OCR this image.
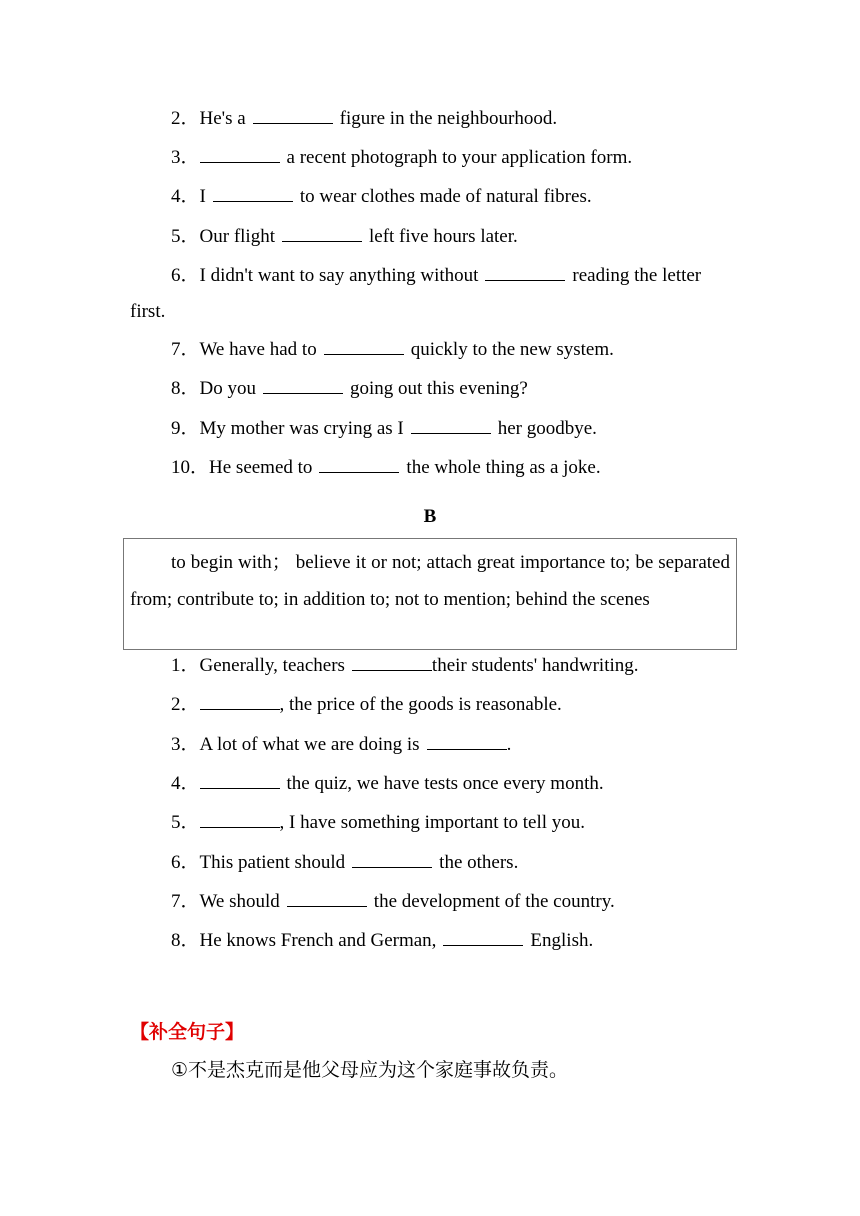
2．He's a	figure in the neighbourhood.
3．	a recent photograph to your application form.
4．I	to wear clothes made of natural fibres.
5．Our flight	left five hours later.
6．I didn't want to say anything without	reading the letter
first.
7．We have had to	quickly to the new system.
8．Do you	going out this evening?
9．My mother was crying as I	her goodbye.
10．He seemed to	the whole thing as a joke.
B
to begin with； believe it or not; attach great importance to; be separated from; contribute to; in addition to; not to mention; behind the scenes
1．Generally, teachers	their students' handwriting.
2．	, the price of the goods is reasonable.
3．A lot of what we are doing is	.
4．	the quiz, we have tests once every month.
5．	, I have something important to tell you.
6．This patient should	the others.
7．We should	the development of the country.
8．He knows French and German,	English.
【补全句子】
①不是杰克而是他父母应为这个家庭事故负责。
